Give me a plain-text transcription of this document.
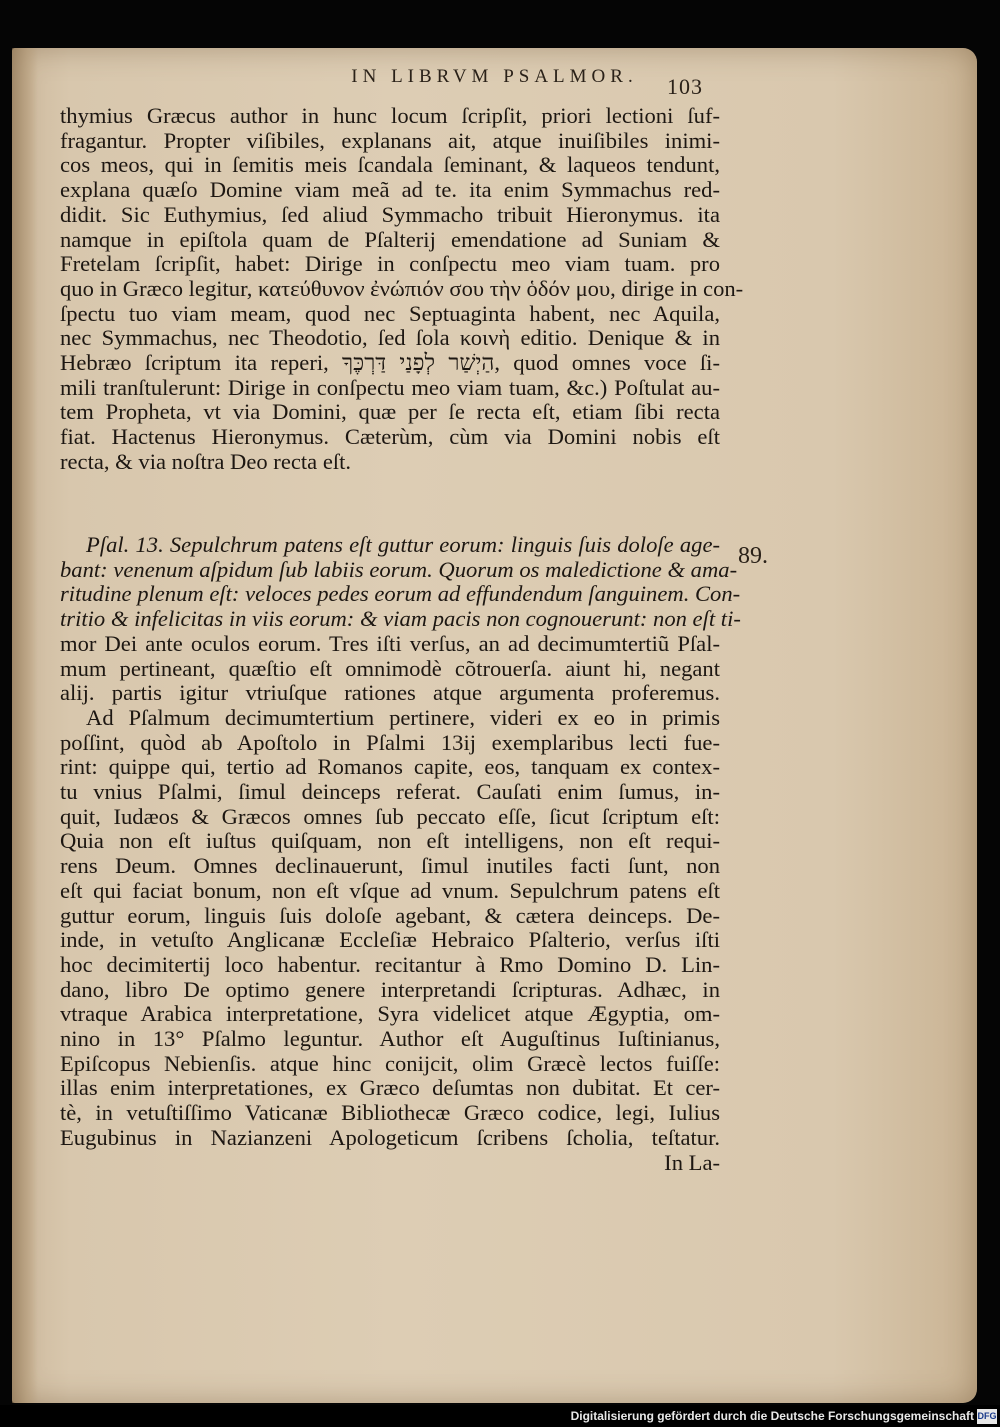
IN LIBRVM PSALMOR.	103
thymius Græcus author in hunc locum ſcripſit, priori lectioni ſuf-
fragantur. Propter viſibiles, explanans ait, atque inuiſibiles inimi-
cos meos, qui in ſemitis meis ſcandala ſeminant, & laqueos tendunt,
explana quæſo Domine viam meã ad te. ita enim Symmachus red-
didit. Sic Euthymius, ſed aliud Symmacho tribuit Hieronymus. ita
namque in epiſtola quam de Pſalterij emendatione ad Suniam &
Fretelam ſcripſit, habet: Dirige in conſpectu meo viam tuam. pro
quo in Græco legitur, κατεύθυνον ἐνώπιόν σου τὴν ὁδόν μου, dirige in con-
ſpectu tuo viam meam, quod nec Septuaginta habent, nec Aquila,
nec Symmachus, nec Theodotio, ſed ſola κοινὴ editio. Denique & in
Hebræo ſcriptum ita reperi, הַיְשַׁר לְפָנַי דַּרְכֶּךָ, quod omnes voce ſi-
mili tranſtulerunt: Dirige in conſpectu meo viam tuam, &c.) Poſtulat au-
tem Propheta, vt via Domini, quæ per ſe recta eſt, etiam ſibi recta
fiat. Hactenus Hieronymus. Cæterùm, cùm via Domini nobis eſt
recta, & via noſtra Deo recta eſt.
89.
Pſal. 13. Sepulchrum patens eſt guttur eorum: linguis ſuis doloſe age-
bant: venenum aſpidum ſub labiis eorum. Quorum os maledictione & ama-
ritudine plenum eſt: veloces pedes eorum ad effundendum ſanguinem. Con-
tritio & infelicitas in viis eorum: & viam pacis non cognouerunt: non eſt ti-
mor Dei ante oculos eorum. Tres iſti verſus, an ad decimumtertiũ Pſal-
mum pertineant, quæſtio eſt omnimodè cõtrouerſa. aiunt hi, negant
alij. partis igitur vtriuſque rationes atque argumenta proferemus.
Ad Pſalmum decimumtertium pertinere, videri ex eo in primis
poſſint, quòd ab Apoſtolo in Pſalmi 13ij exemplaribus lecti fue-
rint: quippe qui, tertio ad Romanos capite, eos, tanquam ex contex-
tu vnius Pſalmi, ſimul deinceps referat. Cauſati enim ſumus, in-
quit, Iudæos & Græcos omnes ſub peccato eſſe, ſicut ſcriptum eſt:
Quia non eſt iuſtus quiſquam, non eſt intelligens, non eſt requi-
rens Deum. Omnes declinauerunt, ſimul inutiles facti ſunt, non
eſt qui faciat bonum, non eſt vſque ad vnum. Sepulchrum patens eſt
guttur eorum, linguis ſuis doloſe agebant, & cætera deinceps. De-
inde, in vetuſto Anglicanæ Eccleſiæ Hebraico Pſalterio, verſus iſti
hoc decimitertij loco habentur. recitantur à Rmo Domino D. Lin-
dano, libro De optimo genere interpretandi ſcripturas. Adhæc, in
vtraque Arabica interpretatione, Syra videlicet atque Ægyptia, om-
nino in 13° Pſalmo leguntur. Author eſt Auguſtinus Iuſtinianus,
Epiſcopus Nebienſis. atque hinc conijcit, olim Græcè lectos fuiſſe:
illas enim interpretationes, ex Græco deſumtas non dubitat. Et cer-
tè, in vetuſtiſſimo Vaticanæ Bibliothecæ Græco codice, legi, Iulius
Eugubinus in Nazianzeni Apologeticum ſcribens ſcholia, teſtatur.
In La-
Digitalisierung gefördert durch die Deutsche Forschungsgemeinschaft DFG
